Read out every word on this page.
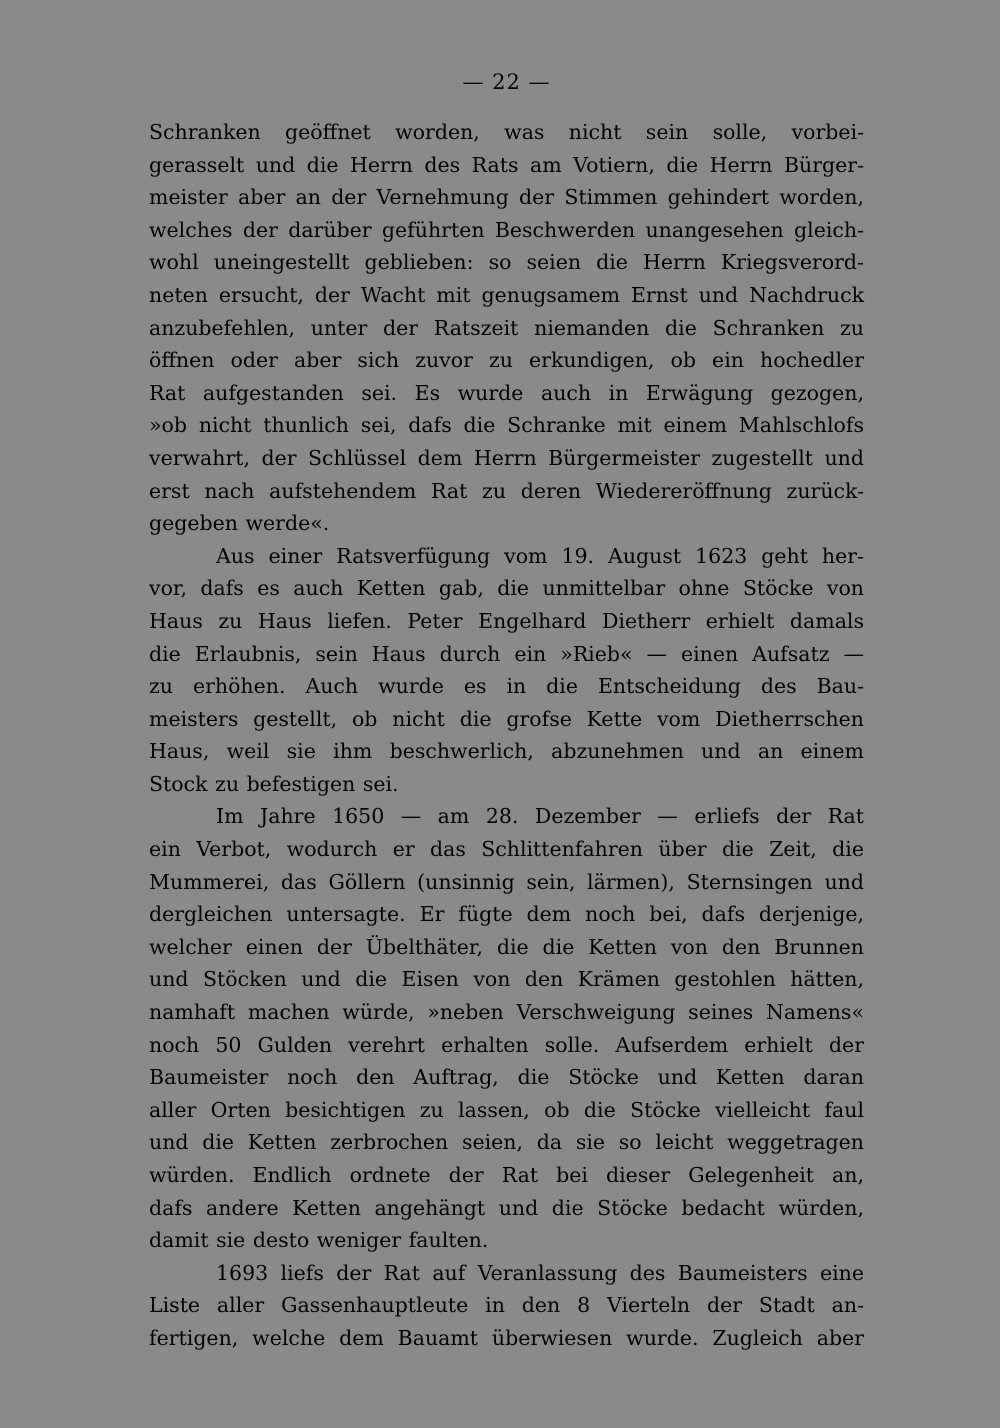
— 22 —

Schranken geöffnet worden, was nicht sein solle, vorbei-
gerasselt und die Herrn des Rats am Votiern, die Herrn Bürger-
meister aber an der Vernehmung der Stimmen gehindert worden,
welches der darüber geführten Beschwerden unangesehen gleich-
wohl uneingestellt geblieben: so seien die Herrn Kriegsverord-
neten ersucht, der Wacht mit genugsamem Ernst und Nachdruck
anzubefehlen, unter der Ratszeit niemanden die Schranken zu
öffnen oder aber sich zuvor zu erkundigen, ob ein hochedler
Rat aufgestanden sei. Es wurde auch in Erwägung gezogen,
»ob nicht thunlich sei, dafs die Schranke mit einem Mahlschlofs
verwahrt, der Schlüssel dem Herrn Bürgermeister zugestellt und
erst nach aufstehendem Rat zu deren Wiedereröffnung zurück-
gegeben werde«.

Aus einer Ratsverfügung vom 19. August 1623 geht her-
vor, dafs es auch Ketten gab, die unmittelbar ohne Stöcke von
Haus zu Haus liefen. Peter Engelhard Dietherr erhielt damals
die Erlaubnis, sein Haus durch ein »Rieb« — einen Aufsatz —
zu erhöhen. Auch wurde es in die Entscheidung des Bau-
meisters gestellt, ob nicht die grofse Kette vom Dietherrschen
Haus, weil sie ihm beschwerlich, abzunehmen und an einem
Stock zu befestigen sei.

Im Jahre 1650 — am 28. Dezember — erliefs der Rat
ein Verbot, wodurch er das Schlittenfahren über die Zeit, die
Mummerei, das Göllern (unsinnig sein, lärmen), Sternsingen und
dergleichen untersagte. Er fügte dem noch bei, dafs derjenige,
welcher einen der Übelthäter, die die Ketten von den Brunnen
und Stöcken und die Eisen von den Krämen gestohlen hätten,
namhaft machen würde, »neben Verschweigung seines Namens«
noch 50 Gulden verehrt erhalten solle. Aufserdem erhielt der
Baumeister noch den Auftrag, die Stöcke und Ketten daran
aller Orten besichtigen zu lassen, ob die Stöcke vielleicht faul
und die Ketten zerbrochen seien, da sie so leicht weggetragen
würden. Endlich ordnete der Rat bei dieser Gelegenheit an,
dafs andere Ketten angehängt und die Stöcke bedacht würden,
damit sie desto weniger faulten.

1693 liefs der Rat auf Veranlassung des Baumeisters eine
Liste aller Gassenhauptleute in den 8 Vierteln der Stadt an-
fertigen, welche dem Bauamt überwiesen wurde. Zugleich aber
